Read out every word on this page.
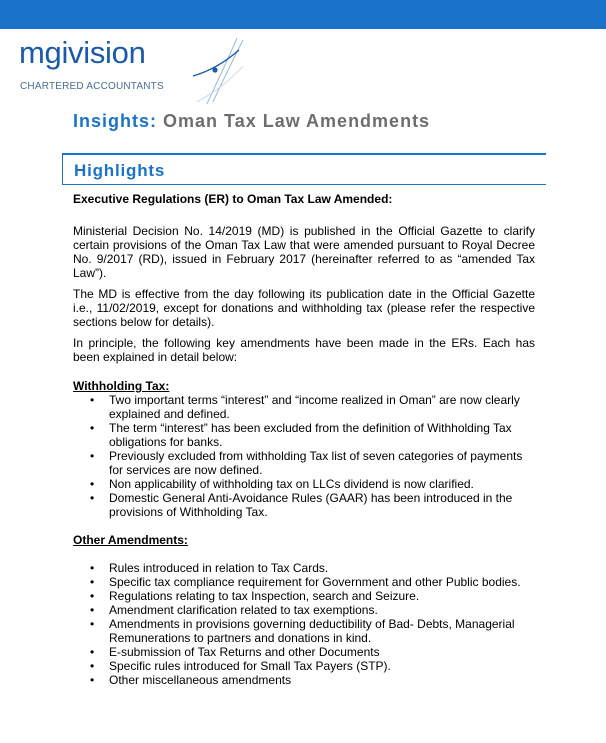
mgivision
CHARTERED ACCOUNTANTS
Insights: Oman Tax Law Amendments
Highlights
Executive Regulations (ER) to Oman Tax Law Amended:

Ministerial Decision No. 14/2019 (MD) is published in the Official Gazette to clarify certain provisions of the Oman Tax Law that were amended pursuant to Royal Decree No. 9/2017 (RD), issued in February 2017 (hereinafter referred to as “amended Tax Law”).

The MD is effective from the day following its publication date in the Official Gazette i.e., 11/02/2019, except for donations and withholding tax (please refer the respective sections below for details).

In principle, the following key amendments have been made in the ERs. Each has been explained in detail below:

Withholding Tax:
• Two important terms “interest” and “income realized in Oman” are now clearly explained and defined.
• The term “interest” has been excluded from the definition of Withholding Tax obligations for banks.
• Previously excluded from withholding Tax list of seven categories of payments for services are now defined.
• Non applicability of withholding tax on LLCs dividend is now clarified.
• Domestic General Anti-Avoidance Rules (GAAR) has been introduced in the provisions of Withholding Tax.
Other Amendments:
• Rules introduced in relation to Tax Cards.
• Specific tax compliance requirement for Government and other Public bodies.
• Regulations relating to tax Inspection, search and Seizure.
• Amendment clarification related to tax exemptions.
• Amendments in provisions governing deductibility of Bad- Debts, Managerial Remunerations to partners and donations in kind.
• E-submission of Tax Returns and other Documents
• Specific rules introduced for Small Tax Payers (STP).
• Other miscellaneous amendments
